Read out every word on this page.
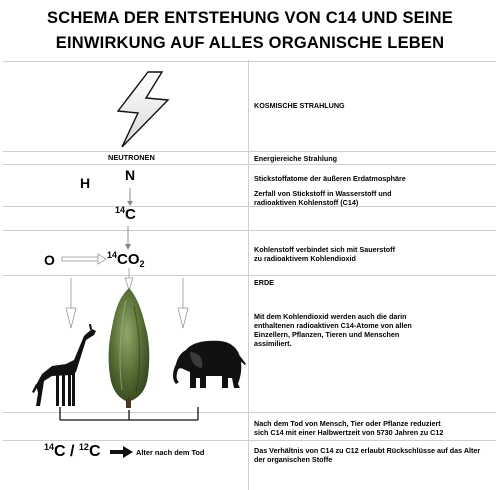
SCHEMA DER ENTSTEHUNG VON C14 UND SEINE
EINWIRKUNG AUF ALLES ORGANISCHE LEBEN
NEUTRONEN
H N
$^{14}$C
O	$^{14}CO_2$
$^{14}$C / $^{12}$C	Alter nach dem Tod
KOSMISCHE STRAHLUNG
Energiereiche Strahlung
Stickstoffatome der äußeren Erdatmosphäre
Zerfall von Stickstoff in Wasserstoff und
radioaktiven Kohlenstoff (C14)
Kohlenstoff verbindet sich mit Sauerstoff
zu radioaktivem Kohlendioxid
ERDE
Mit dem Kohlendioxid werden auch die darin
enthaltenen radioaktiven C14-Atome von allen
Einzellern, Pflanzen, Tieren und Menschen
assimiliert.
Nach dem Tod von Mensch, Tier oder Pflanze reduziert
sich C14 mit einer Halbwertzeit von 5730 Jahren zu C12
Das Verhältnis von C14 zu C12 erlaubt Rückschlüsse auf das Alter
der organischen Stoffe
